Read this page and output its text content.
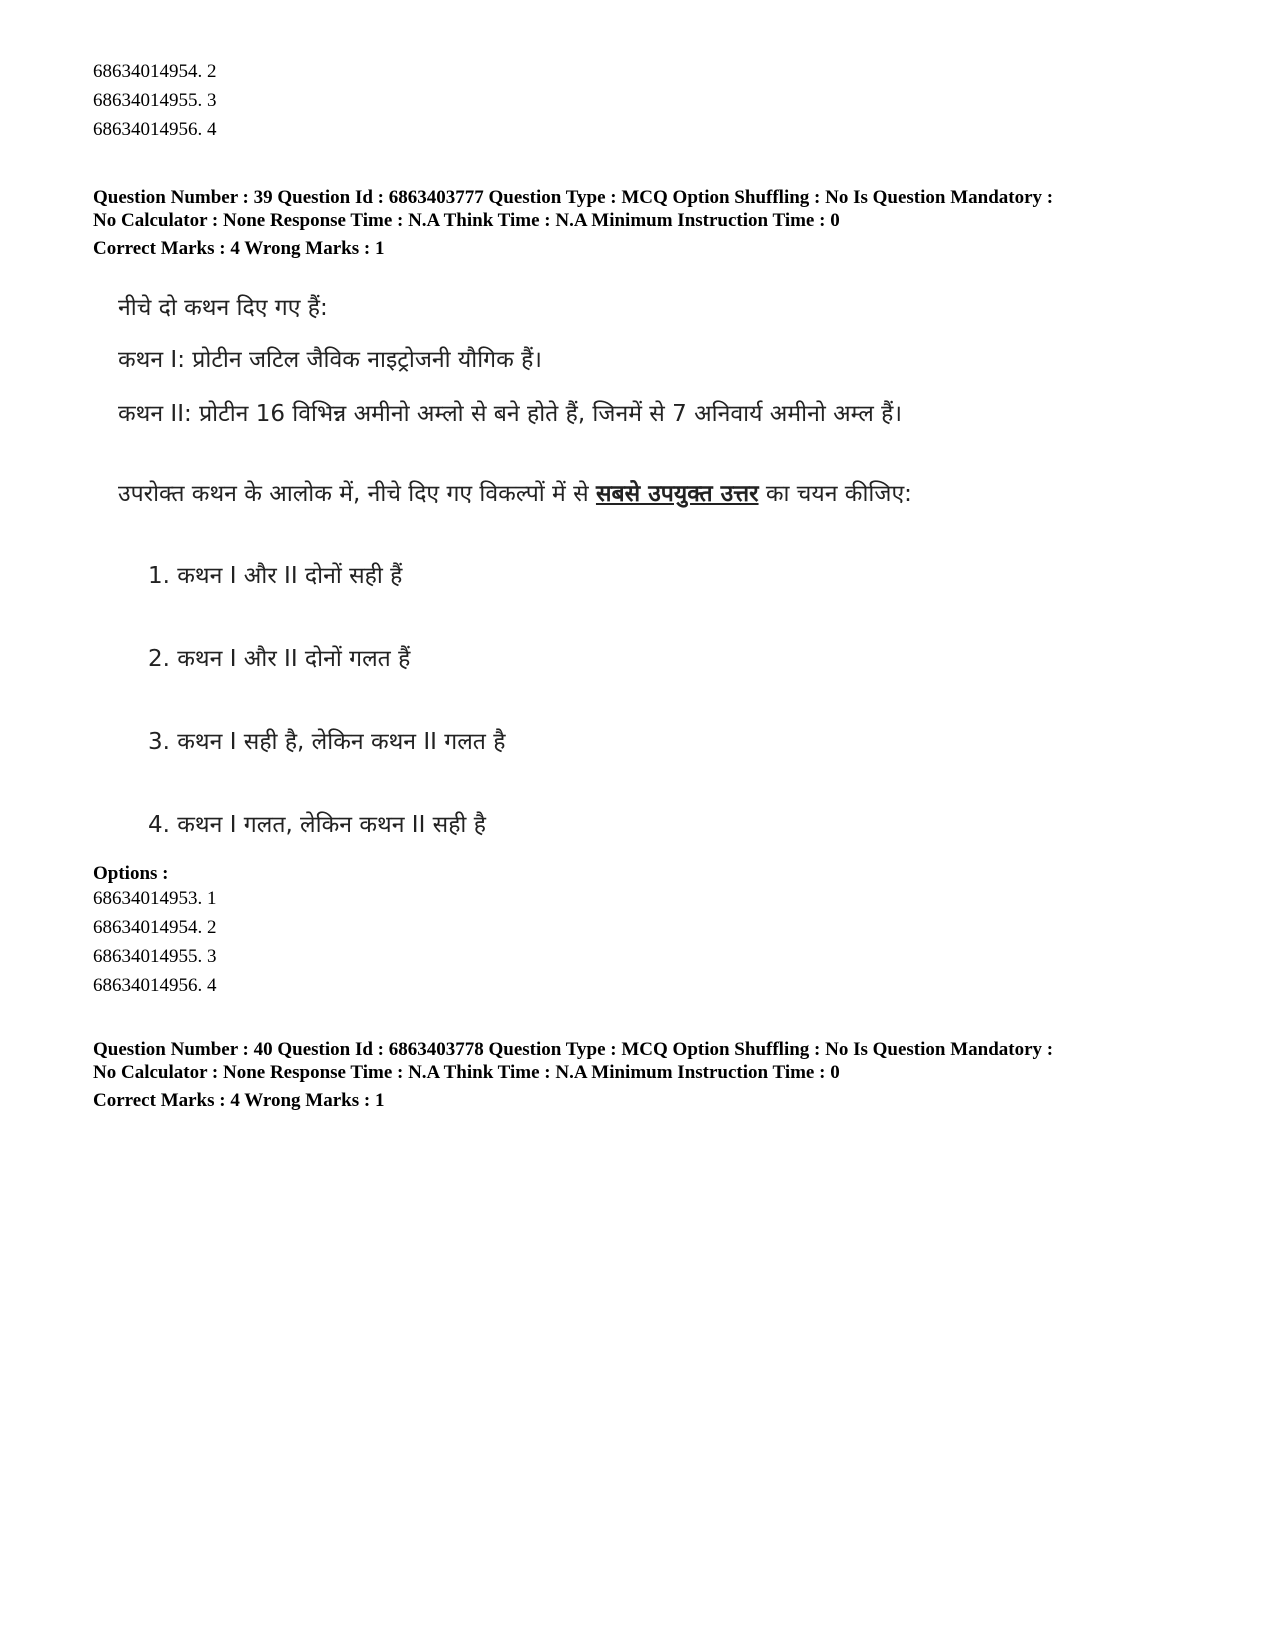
68634014954. 2
68634014955. 3
68634014956. 4
Question Number : 39 Question Id : 6863403777 Question Type : MCQ Option Shuffling : No Is Question Mandatory :
No Calculator : None Response Time : N.A Think Time : N.A Minimum Instruction Time : 0
Correct Marks : 4 Wrong Marks : 1
नीचे दो कथन दिए गए हैं:
कथन I: प्रोटीन जटिल जैविक नाइट्रोजनी यौगिक हैं।
कथन II: प्रोटीन 16 विभिन्न अमीनो अम्लो से बने होते हैं, जिनमें से 7 अनिवार्य अमीनो अम्ल हैं।
उपरोक्त कथन के आलोक में, नीचे दिए गए विकल्पों में से सबसे उपयुक्त उत्तर का चयन कीजिए:
1. कथन I और II दोनों सही हैं
2. कथन I और II दोनों गलत हैं
3. कथन I सही है, लेकिन कथन II गलत है
4. कथन I गलत, लेकिन कथन II सही है
Options :
68634014953. 1
68634014954. 2
68634014955. 3
68634014956. 4
Question Number : 40 Question Id : 6863403778 Question Type : MCQ Option Shuffling : No Is Question Mandatory :
No Calculator : None Response Time : N.A Think Time : N.A Minimum Instruction Time : 0
Correct Marks : 4 Wrong Marks : 1
